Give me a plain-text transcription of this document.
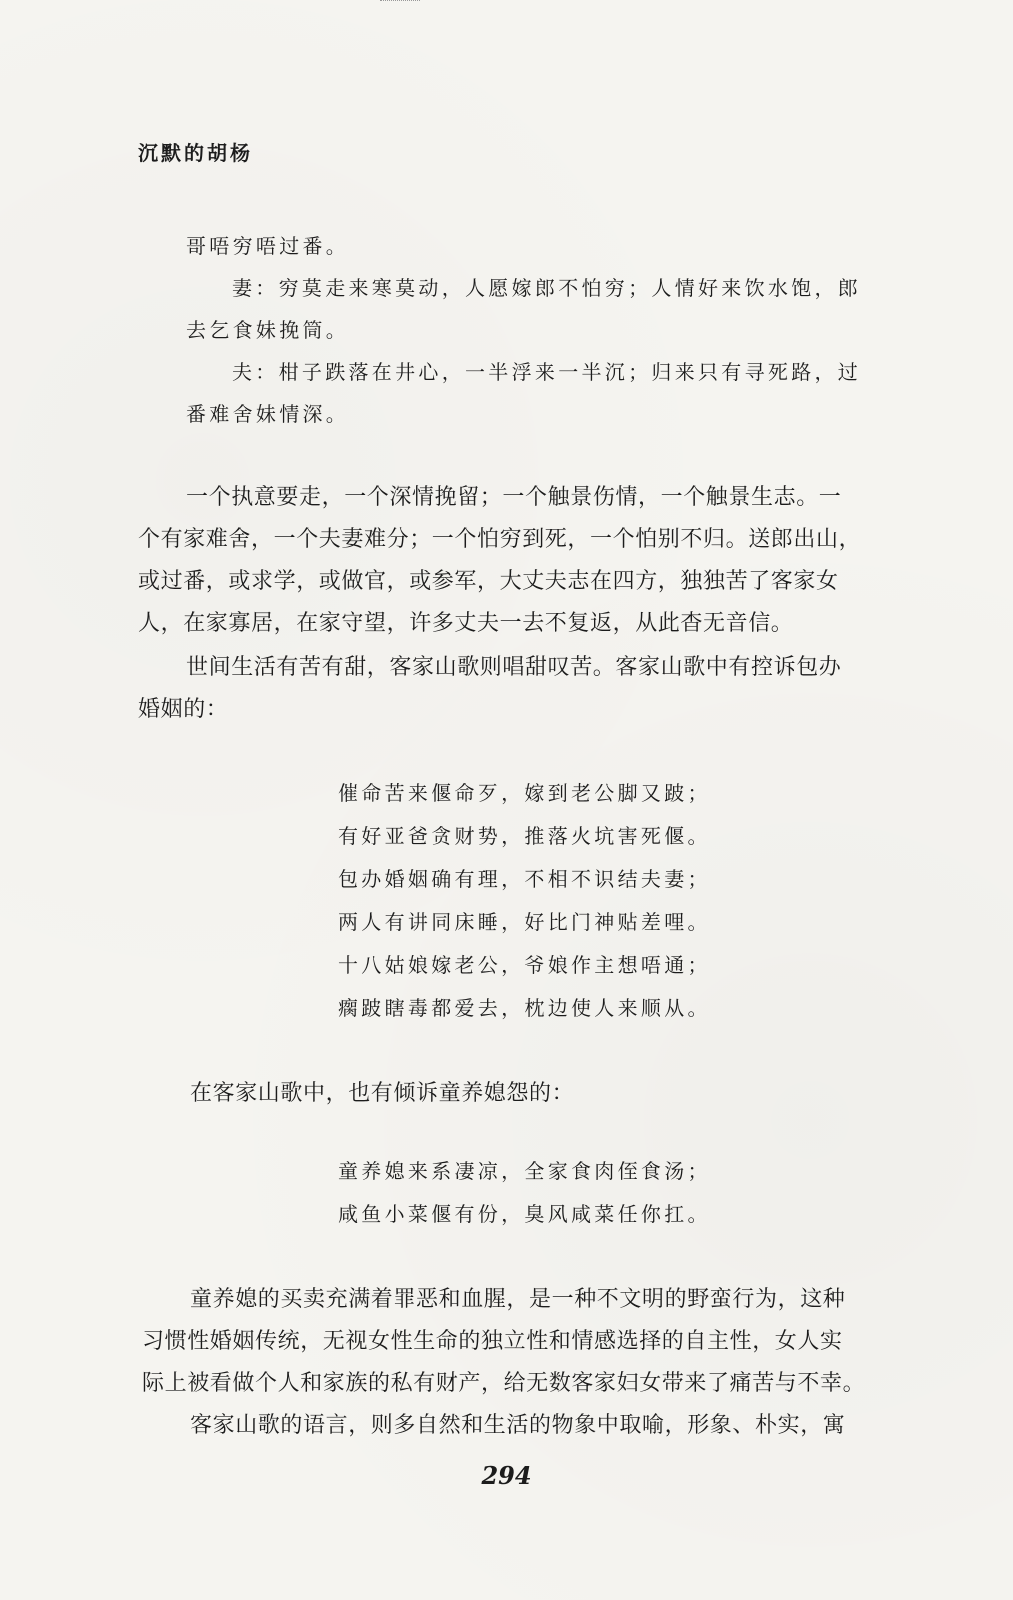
沉默的胡杨
哥唔穷唔过番。
妻：穷莫走来寒莫动，人愿嫁郎不怕穷；人情好来饮水饱，郎
去乞食妹挽筒。
夫：柑子跌落在井心，一半浮来一半沉；归来只有寻死路，过
番难舍妹情深。
一个执意要走，一个深情挽留；一个触景伤情，一个触景生志。一
个有家难舍，一个夫妻难分；一个怕穷到死，一个怕别不归。送郎出山，
或过番，或求学，或做官，或参军，大丈夫志在四方，独独苦了客家女
人，在家寡居，在家守望，许多丈夫一去不复返，从此杳无音信。
世间生活有苦有甜，客家山歌则唱甜叹苦。客家山歌中有控诉包办
婚姻的：
催命苦来偃命歹，嫁到老公脚又跛；
有好亚爸贪财势，推落火坑害死偃。
包办婚姻确有理，不相不识结夫妻；
两人有讲同床睡，好比门神贴差哩。
十八姑娘嫁老公，爷娘作主想唔通；
瘸跛瞎毒都爱去，枕边使人来顺从。
在客家山歌中，也有倾诉童养媳怨的：
童养媳来系凄凉，全家食肉侄食汤；
咸鱼小菜偃有份，臭风咸菜任你扛。
童养媳的买卖充满着罪恶和血腥，是一种不文明的野蛮行为，这种
习惯性婚姻传统，无视女性生命的独立性和情感选择的自主性，女人实
际上被看做个人和家族的私有财产，给无数客家妇女带来了痛苦与不幸。
客家山歌的语言，则多自然和生活的物象中取喻，形象、朴实，寓
294
